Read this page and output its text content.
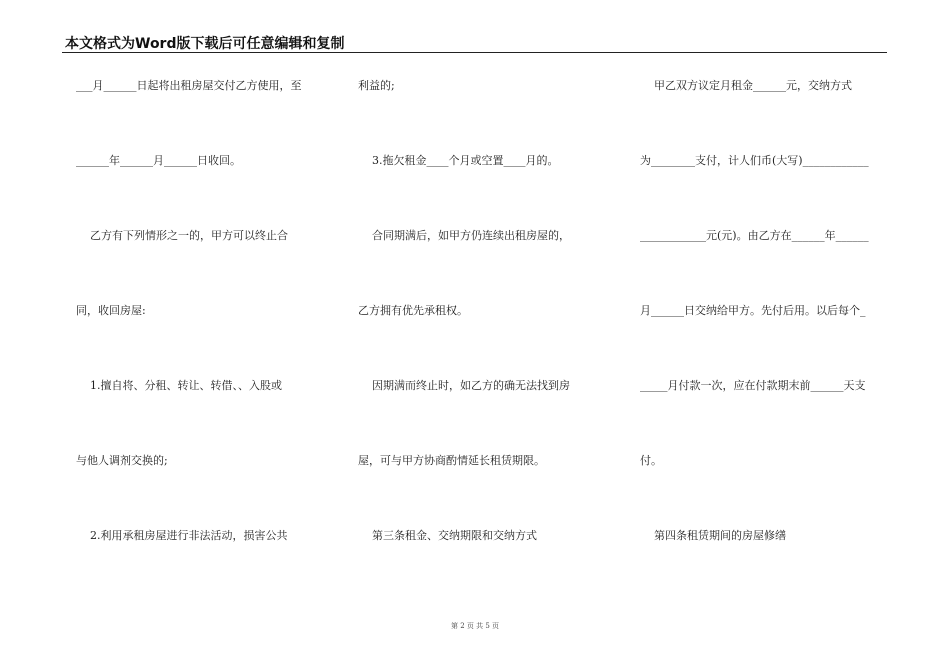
本文格式为Word版下载后可任意编辑和复制
___月______日起将出租房屋交付乙方使用，至
______年______月______日收回。
乙方有下列情形之一的，甲方可以终止合
同，收回房屋:
1.擅自将、分租、转让、转借、、入股或
与他人调剂交换的;
2.利用承租房屋进行非法活动，损害公共
利益的;
3.拖欠租金____个月或空置____月的。
合同期满后，如甲方仍连续出租房屋的，
乙方拥有优先承租权。
因期满而终止时，如乙方的确无法找到房
屋，可与甲方协商酌情延长租赁期限。
第三条租金、交纳期限和交纳方式
甲乙双方议定月租金______元，交纳方式
为________支付，计人们币(大写)____________
____________元(元)。由乙方在______年______
月______日交纳给甲方。先付后用。以后每个_
_____月付款一次，应在付款期末前______天支
付。
第四条租赁期间的房屋修缮
第 2 页 共 5 页
